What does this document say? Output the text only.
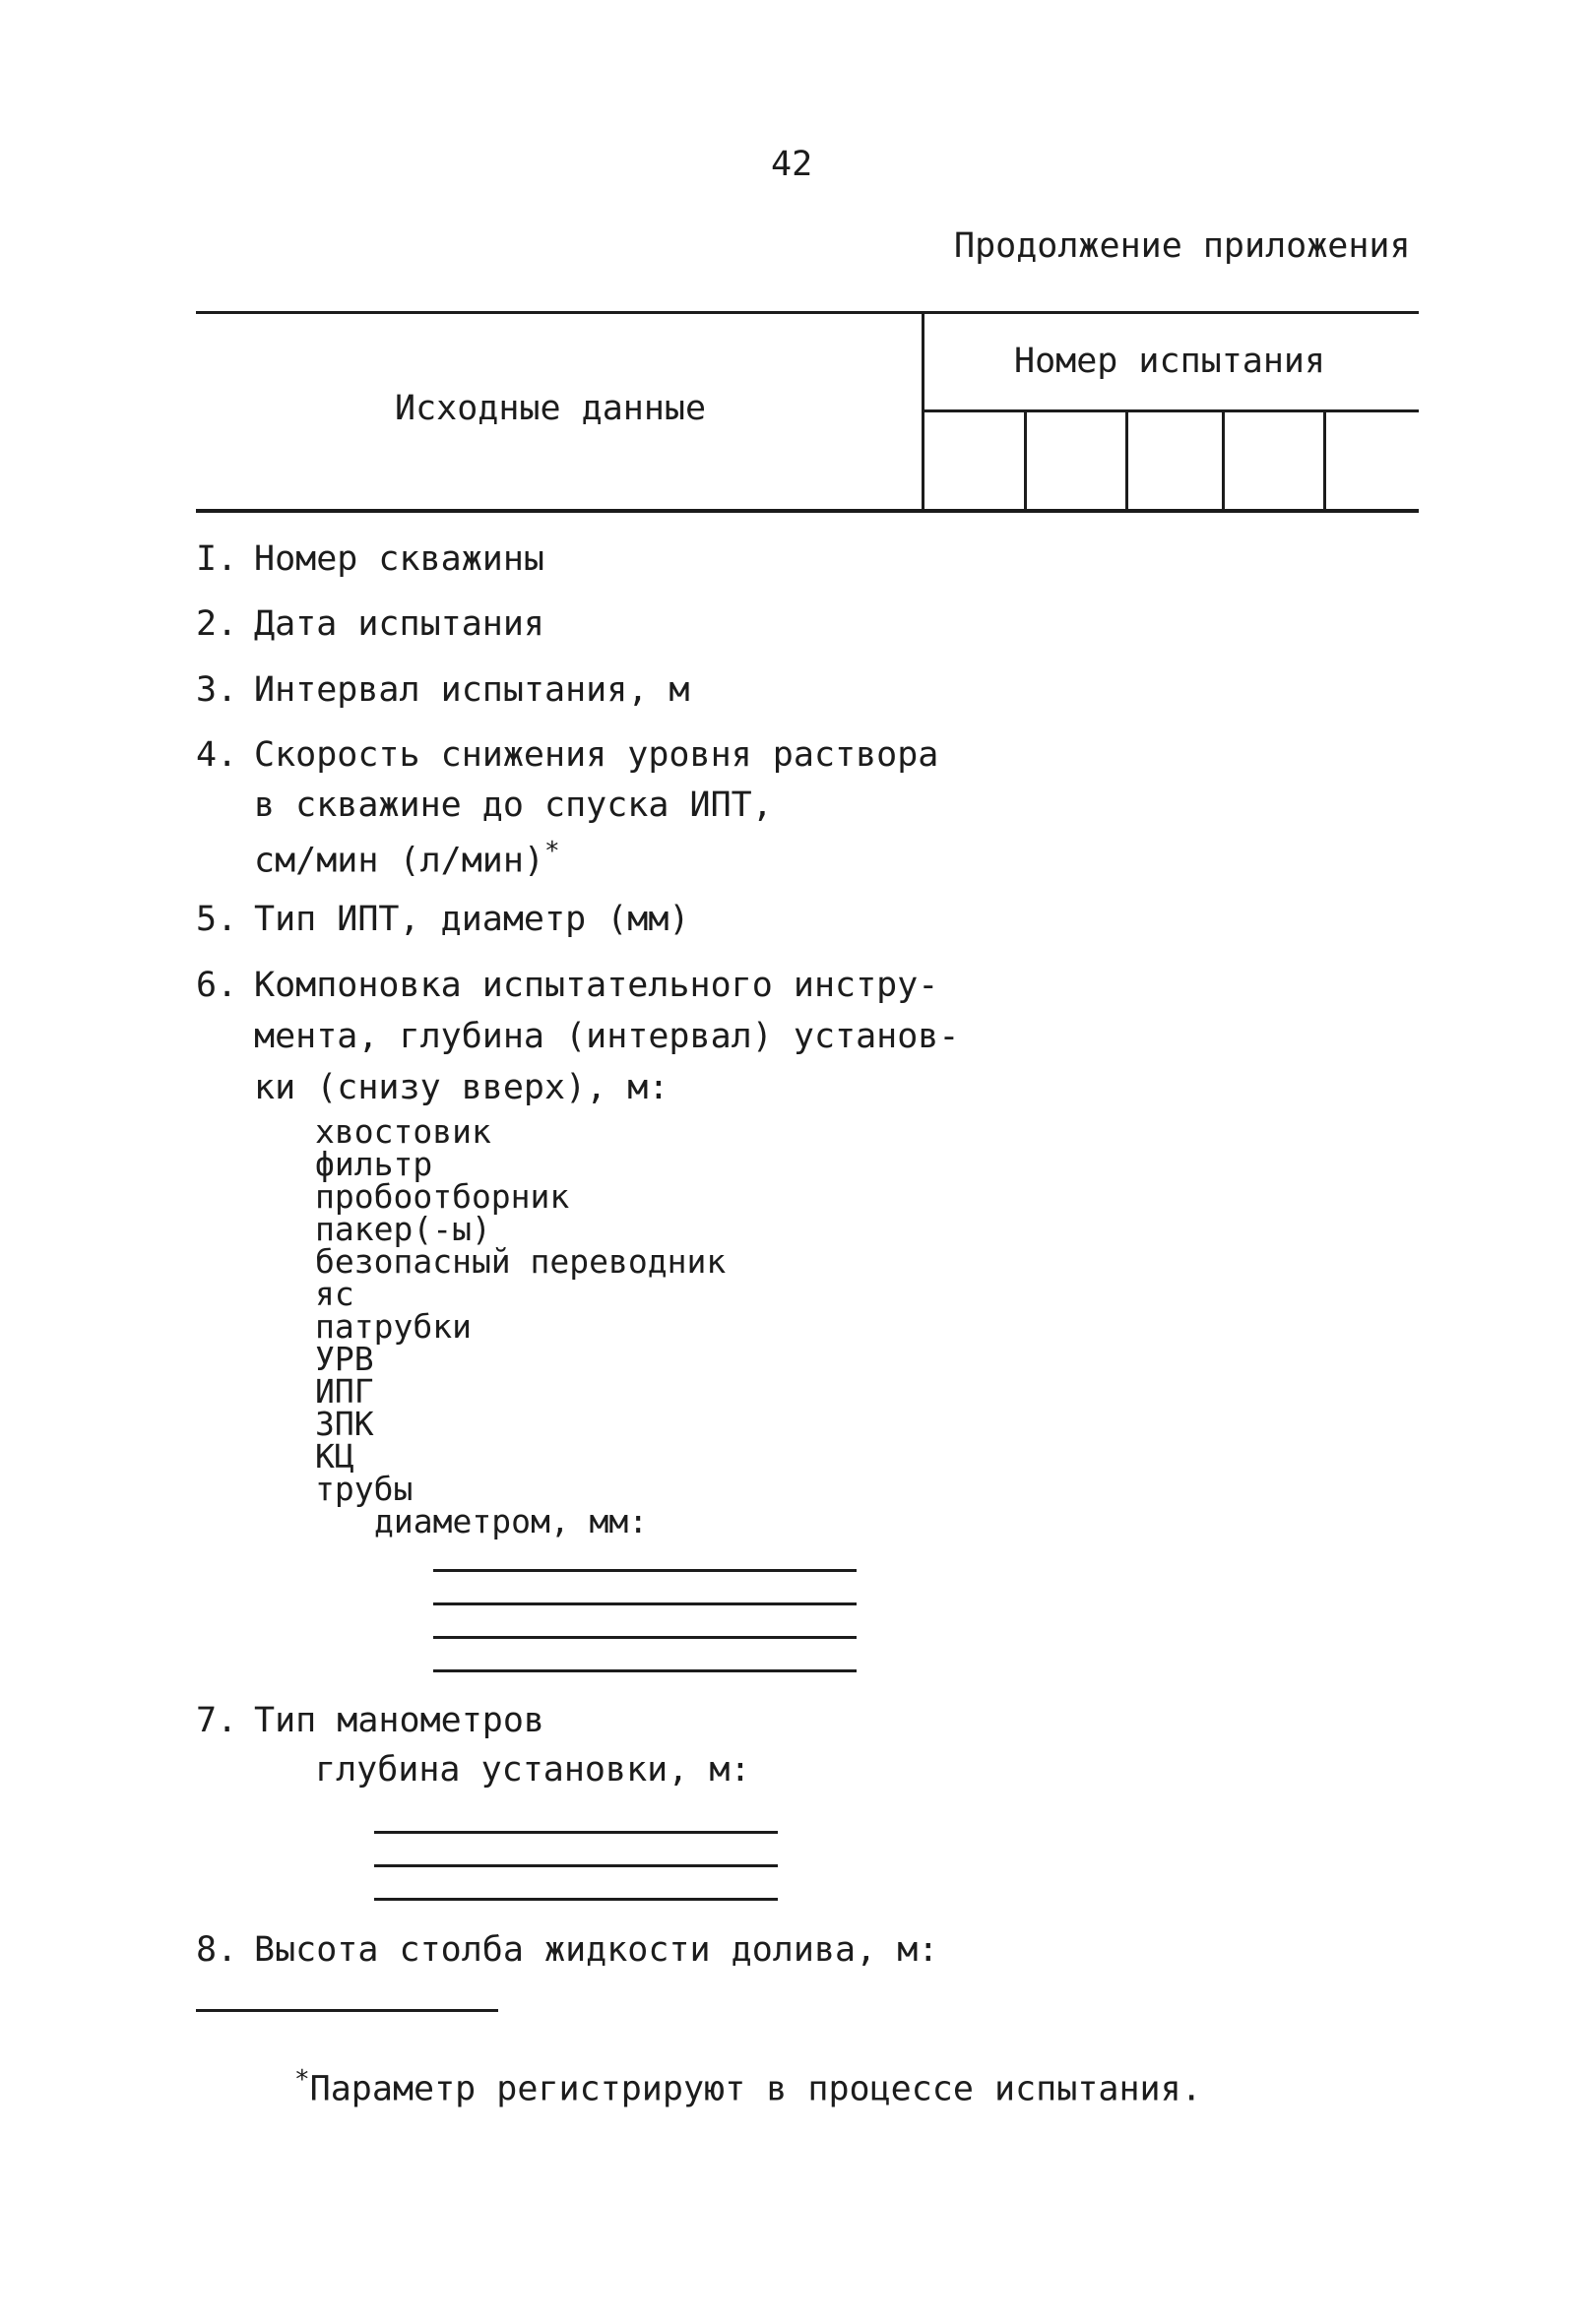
42
Продолжение приложения
Исходные данные
Номер испытания
I. Номер скважины
2. Дата испытания
3. Интервал испытания, м
4. Скорость снижения уровня раствора
в скважине до спуска ИПТ,
см/мин (л/мин)*
5. Тип ИПТ, диаметр (мм)
6. Компоновка испытательного инстру-
мента, глубина (интервал) установ-
ки (снизу вверх), м:
хвостовик
фильтр
пробоотборник
пакер(-ы)
безопасный переводник
яс
патрубки
УРВ
ИПГ
ЗПК
КЦ
трубы
диаметром, мм:
7. Тип манометров
глубина установки, м:
8. Высота столба жидкости долива, м:
*Параметр регистрируют в процессе испытания.
